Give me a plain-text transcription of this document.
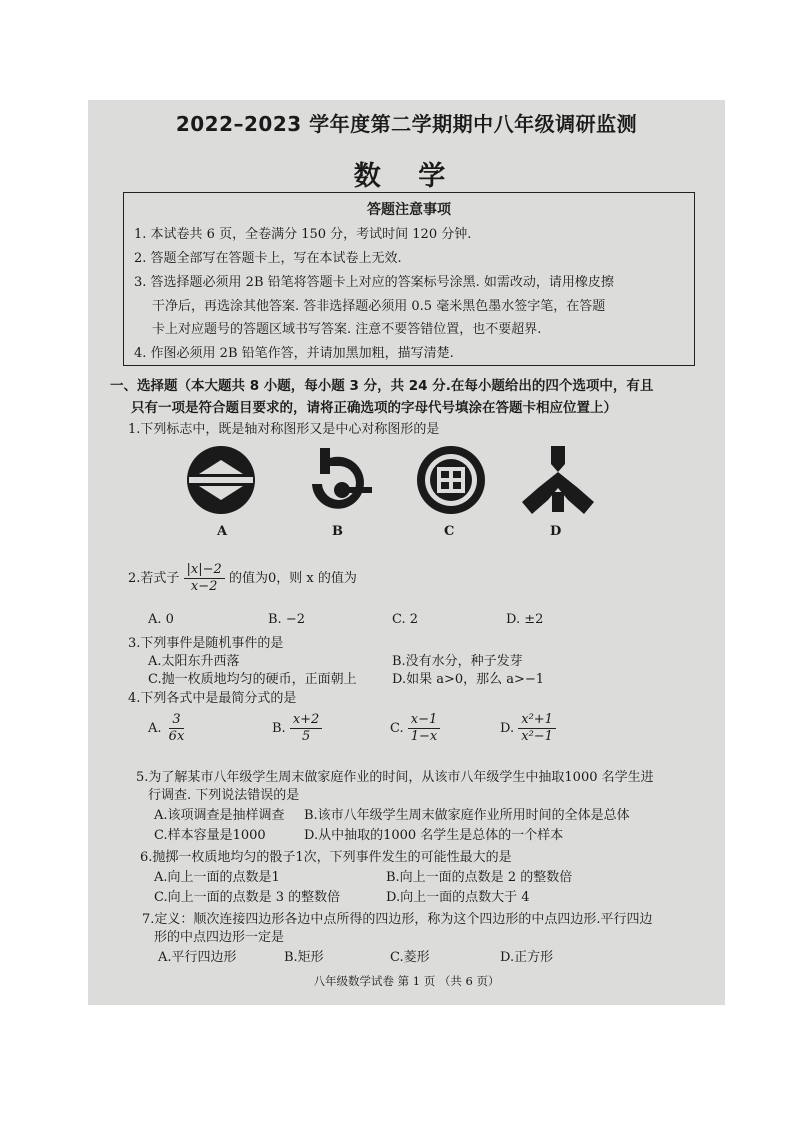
2022–2023 学年度第二学期期中八年级调研监测
数 学
答题注意事项
1. 本试卷共 6 页，全卷满分 150 分，考试时间 120 分钟.
2. 答题全部写在答题卡上，写在本试卷上无效.
3. 答选择题必须用 2B 铅笔将答题卡上对应的答案标号涂黑. 如需改动，请用橡皮擦
干净后，再选涂其他答案. 答非选择题必须用 0.5 毫米黑色墨水签字笔，在答题
卡上对应题号的答题区域书写答案. 注意不要答错位置，也不要超界.
4. 作图必须用 2B 铅笔作答，并请加黑加粗，描写清楚.
一、选择题（本大题共 8 小题，每小题 3 分，共 24 分.在每小题给出的四个选项中，有且
只有一项是符合题目要求的，请将正确选项的字母代号填涂在答题卡相应位置上）
1.下列标志中，既是轴对称图形又是中心对称图形的是
A	B	C	D
2.若式子 $\frac{|x|-2}{x-2}$ 的值为0，则 x 的值为
A. 0	B. −2	C. 2	D. ±2
3.下列事件是随机事件的是
A.太阳东升西落	B.没有水分，种子发芽
C.抛一枚质地均匀的硬币，正面朝上	D.如果 a>0，那么 a>−1
4.下列各式中是最简分式的是
A. $\frac{3}{6x}$	B. $\frac{x+2}{5}$	C. $\frac{x-1}{1-x}$	D. $\frac{\text{x²+1}}{\text{x²−1}}$
5.为了解某市八年级学生周末做家庭作业的时间，从该市八年级学生中抽取1000 名学生进
行调查. 下列说法错误的是
A.该项调查是抽样调查 B.该市八年级学生周末做家庭作业所用时间的全体是总体
C.样本容量是1000	D.从中抽取的1000 名学生是总体的一个样本
6.抛掷一枚质地均匀的骰子1次，下列事件发生的可能性最大的是
A.向上一面的点数是1	B.向上一面的点数是 2 的整数倍
C.向上一面的点数是 3 的整数倍	D.向上一面的点数大于 4
7.定义：顺次连接四边形各边中点所得的四边形，称为这个四边形的中点四边形.平行四边
形的中点四边形一定是
A.平行四边形	B.矩形	C.菱形	D.正方形
八年级数学试卷 第 1 页 （共 6 页）
